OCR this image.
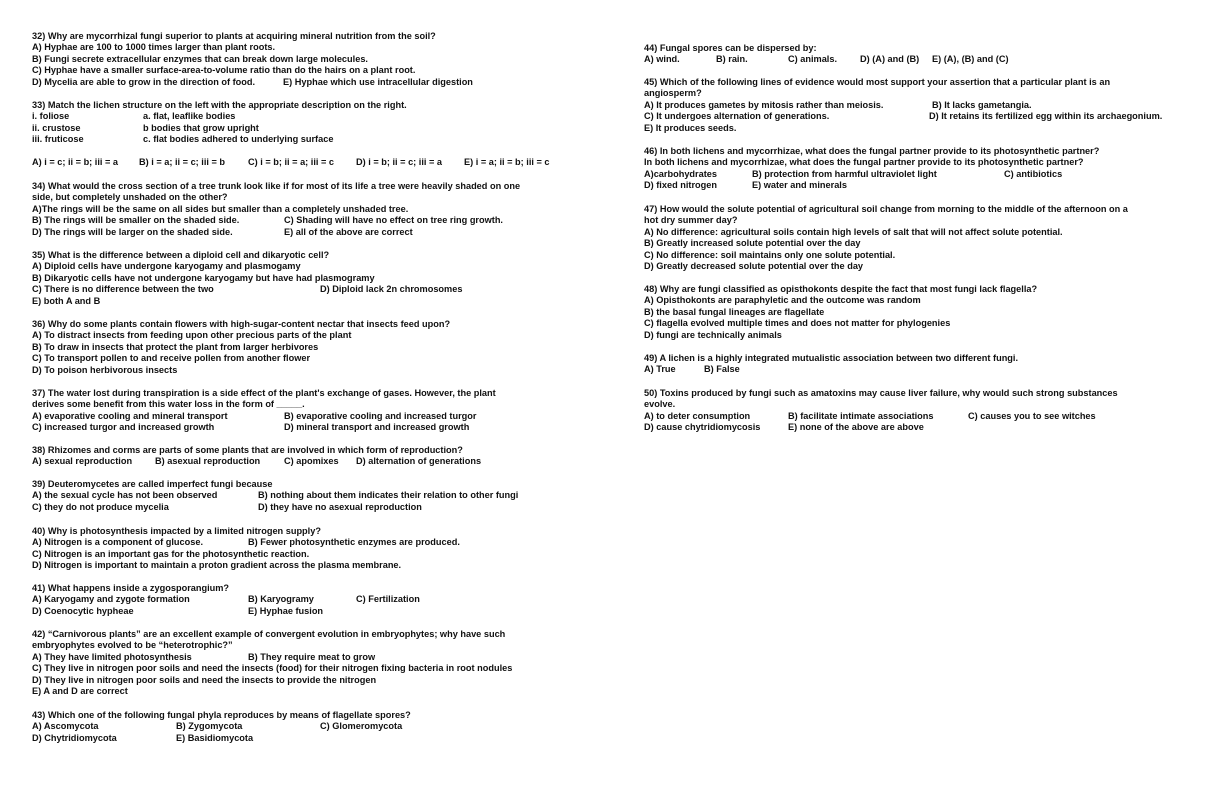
32) Why are mycorrhizal fungi superior to plants at acquiring mineral nutrition from the soil?
A) Hyphae are 100 to 1000 times larger than plant roots.
B) Fungi secrete extracellular enzymes that can break down large molecules.
C) Hyphae have a smaller surface-area-to-volume ratio than do the hairs on a plant root.
D) Mycelia are able to grow in the direction of food.	E) Hyphae which use intracellular digestion
33) Match the lichen structure on the left with the appropriate description on the right.
i. foliose	a. flat, leaflike bodies
ii. crustose	b bodies that grow upright
iii. fruticose	c. flat bodies adhered to underlying surface
A) i = c; ii = b; iii = a B) i = a; ii = c; iii = b C) i = b; ii = a; iii = c D) i = b; ii = c; iii = a E) i = a; ii = b; iii = c
34) What would the cross section of a tree trunk look like if for most of its life a tree were heavily shaded on one
side, but completely unshaded on the other?
A)The rings will be the same on all sides but smaller than a completely unshaded tree.
B) The rings will be smaller on the shaded side.	C) Shading will have no effect on tree ring growth.
D) The rings will be larger on the shaded side.	E) all of the above are correct
35) What is the difference between a diploid cell and dikaryotic cell?
A) Diploid cells have undergone karyogamy and plasmogamy
B) Dikaryotic cells have not undergone karyogamy but have had plasmogramy
C) There is no difference between the two	D) Diploid lack 2n chromosomes
E) both A and B
36) Why do some plants contain flowers with high-sugar-content nectar that insects feed upon?
A) To distract insects from feeding upon other precious parts of the plant
B) To draw in insects that protect the plant from larger herbivores
C) To transport pollen to and receive pollen from another flower
D) To poison herbivorous insects
37) The water lost during transpiration is a side effect of the plant's exchange of gases. However, the plant
derives some benefit from this water loss in the form of _____.
A) evaporative cooling and mineral transport	B) evaporative cooling and increased turgor
C) increased turgor and increased growth	D) mineral transport and increased growth
38) Rhizomes and corms are parts of some plants that are involved in which form of reproduction?
A) sexual reproduction B) asexual reproduction	C) apomixes D) alternation of generations
39) Deuteromycetes are called imperfect fungi because
A) the sexual cycle has not been observed	B) nothing about them indicates their relation to other fungi
C) they do not produce mycelia	D) they have no asexual reproduction
40) Why is photosynthesis impacted by a limited nitrogen supply?
A) Nitrogen is a component of glucose.	B) Fewer photosynthetic enzymes are produced.
C) Nitrogen is an important gas for the photosynthetic reaction.
D) Nitrogen is important to maintain a proton gradient across the plasma membrane.
41) What happens inside a zygosporangium?
A) Karyogamy and zygote formation	B) Karyogramy	C) Fertilization
D) Coenocytic hypheae	E) Hyphae fusion
42) “Carnivorous plants” are an excellent example of convergent evolution in embryophytes; why have such
embryophytes evolved to be “heterotrophic?”
A) They have limited photosynthesis	B) They require meat to grow
C) They live in nitrogen poor soils and need the insects (food) for their nitrogen fixing bacteria in root nodules
D) They live in nitrogen poor soils and need the insects to provide the nitrogen
E) A and D are correct
43) Which one of the following fungal phyla reproduces by means of flagellate spores?
A) Ascomycota	B) Zygomycota	C) Glomeromycota
D) Chytridiomycota	E) Basidiomycota
44) Fungal spores can be dispersed by:
A) wind.	B) rain.	C) animals. D) (A) and (B) E) (A), (B) and (C)
45) Which of the following lines of evidence would most support your assertion that a particular plant is an
angiosperm?
A) It produces gametes by mitosis rather than meiosis.	B) It lacks gametangia.
C) It undergoes alternation of generations.	D) It retains its fertilized egg within its archaegonium.
E) It produces seeds.
46) In both lichens and mycorrhizae, what does the fungal partner provide to its photosynthetic partner?
In both lichens and mycorrhizae, what does the fungal partner provide to its photosynthetic partner?
A)carbohydrates	B) protection from harmful ultraviolet light	C) antibiotics
D) fixed nitrogen	E) water and minerals
47) How would the solute potential of agricultural soil change from morning to the middle of the afternoon on a
hot dry summer day?
A) No difference: agricultural soils contain high levels of salt that will not affect solute potential.
B) Greatly increased solute potential over the day
C) No difference: soil maintains only one solute potential.
D) Greatly decreased solute potential over the day
48) Why are fungi classified as opisthokonts despite the fact that most fungi lack flagella?
A) Opisthokonts are paraphyletic and the outcome was random
B) the basal fungal lineages are flagellate
C) flagella evolved multiple times and does not matter for phylogenies
D) fungi are technically animals
49) A lichen is a highly integrated mutualistic association between two different fungi.
A) True	B) False
50) Toxins produced by fungi such as amatoxins may cause liver failure, why would such strong substances
evolve.
A) to deter consumption	B) facilitate intimate associations	C) causes you to see witches
D) cause chytridiomycosis	E) none of the above are above
